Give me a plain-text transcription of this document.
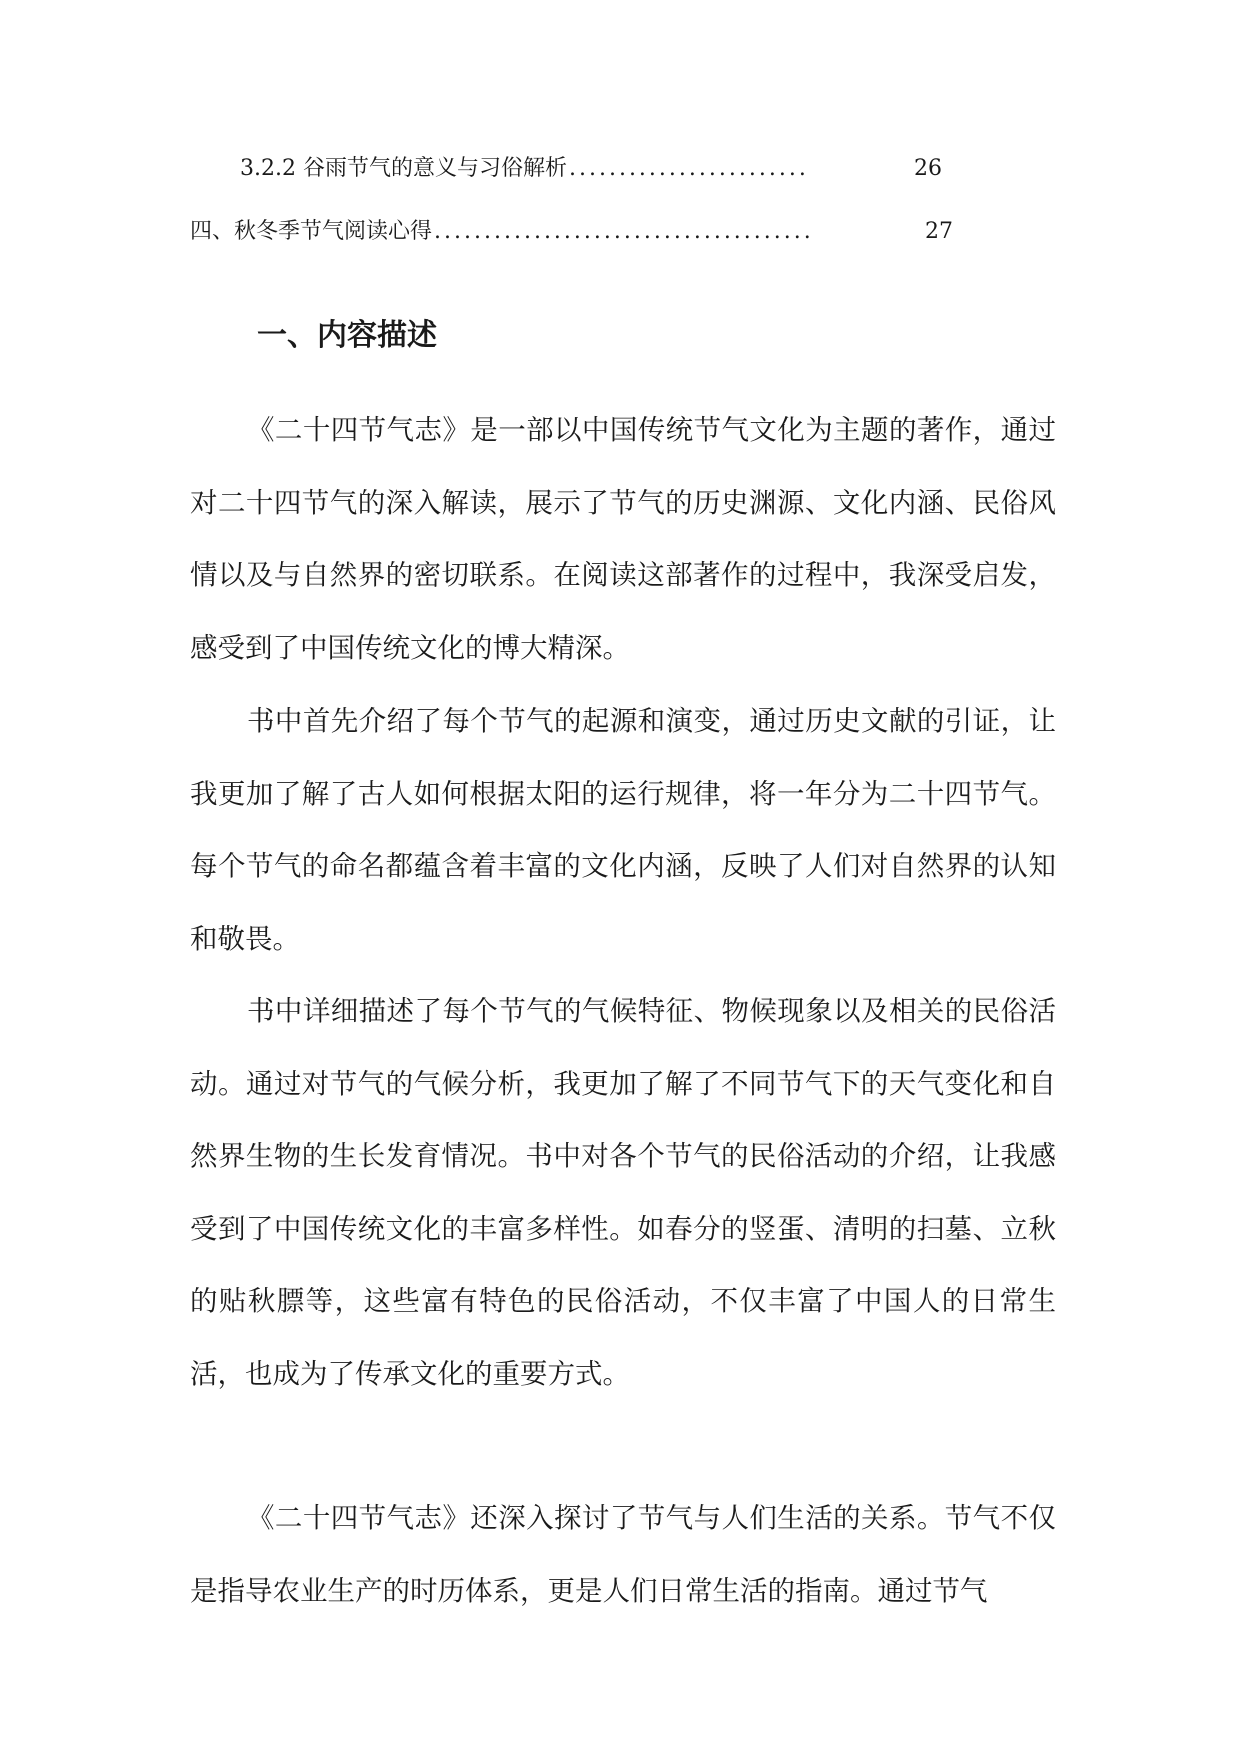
3.2.2 谷雨节气的意义与习俗解析 ........................	26
四、秋冬季节气阅读心得 ......................................	27
一、内容描述

《二十四节气志》是一部以中国传统节气文化为主题的著作，通过对二十四节气的深入解读，展示了节气的历史渊源、文化内涵、民俗风情以及与自然界的密切联系。在阅读这部著作的过程中，我深受启发，感受到了中国传统文化的博大精深。

书中首先介绍了每个节气的起源和演变，通过历史文献的引证，让我更加了解了古人如何根据太阳的运行规律，将一年分为二十四节气。每个节气的命名都蕴含着丰富的文化内涵，反映了人们对自然界的认知和敬畏。

书中详细描述了每个节气的气候特征、物候现象以及相关的民俗活动。通过对节气的气候分析，我更加了解了不同节气下的天气变化和自然界生物的生长发育情况。书中对各个节气的民俗活动的介绍，让我感受到了中国传统文化的丰富多样性。如春分的竖蛋、清明的扫墓、立秋的贴秋膘等，这些富有特色的民俗活动，不仅丰富了中国人的日常生活，也成为了传承文化的重要方式。

《二十四节气志》还深入探讨了节气与人们生活的关系。节气不仅是指导农业生产的时历体系，更是人们日常生活的指南。通过节气
